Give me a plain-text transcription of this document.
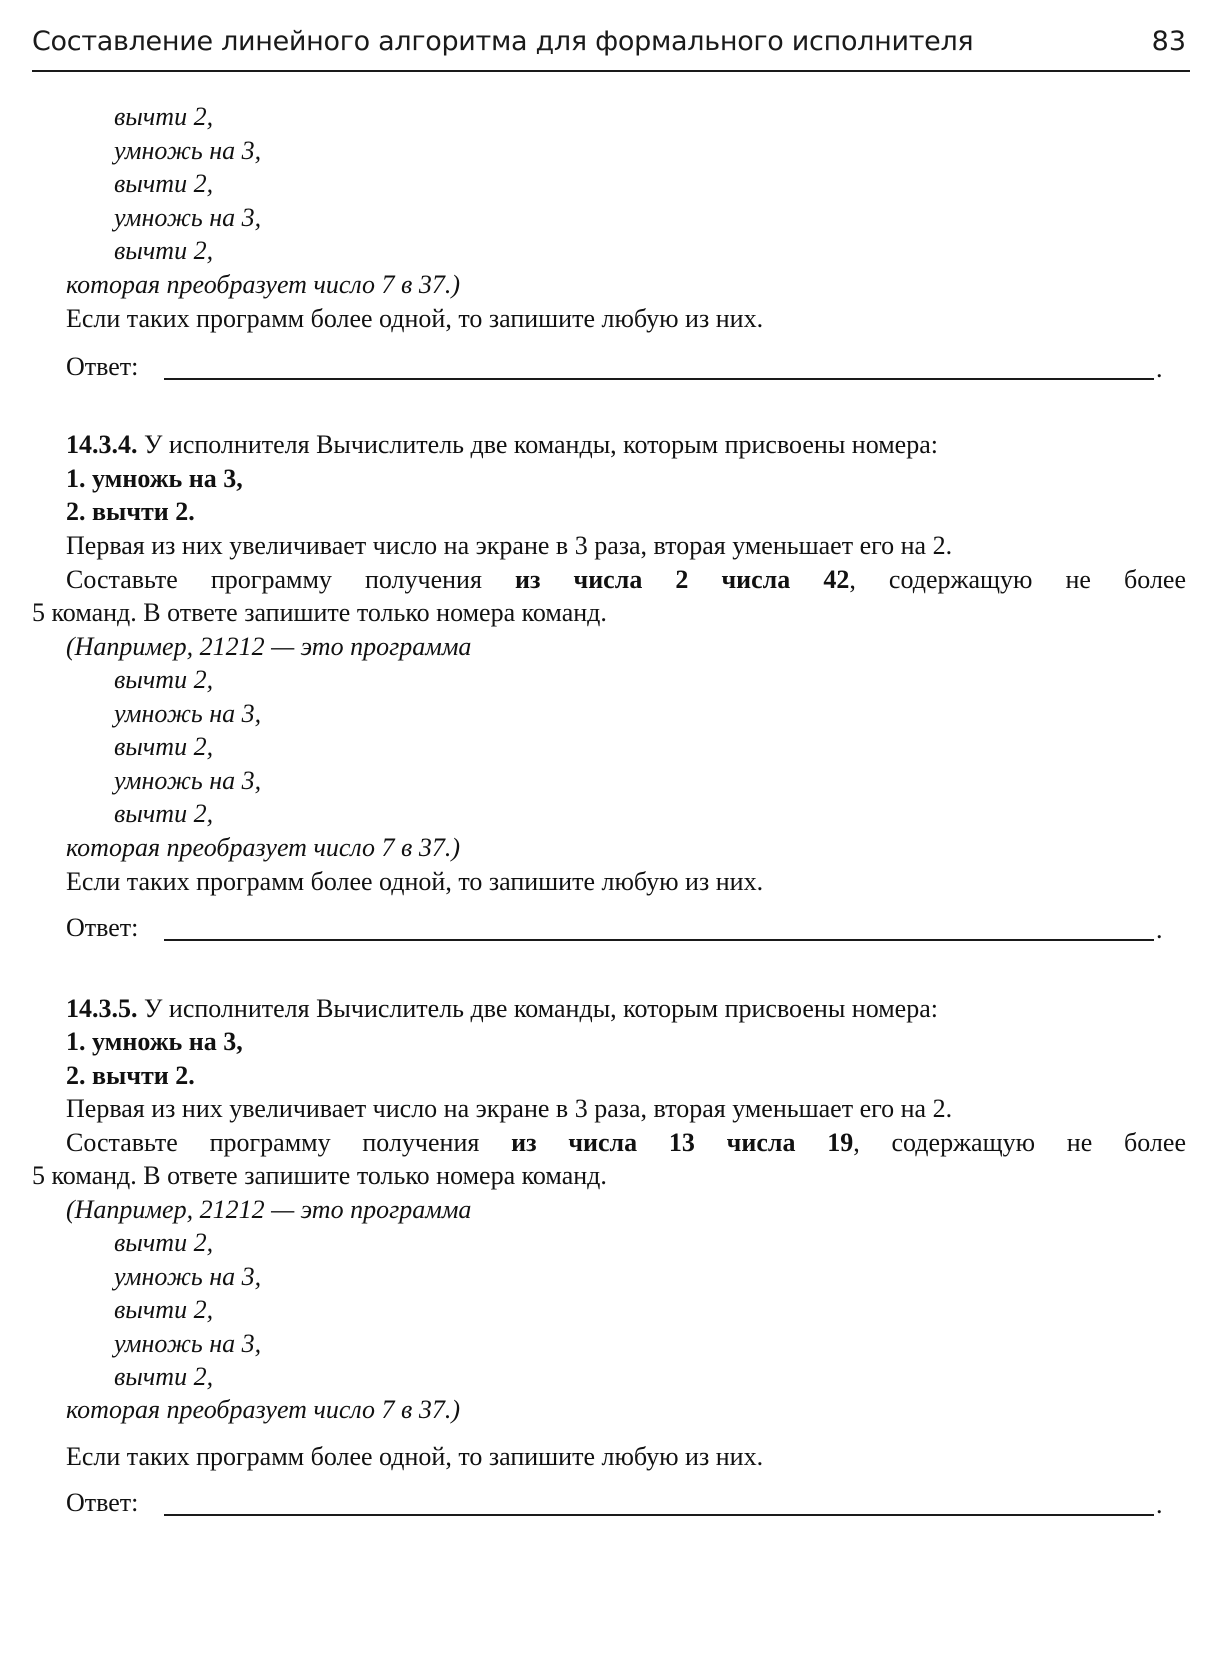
Составление линейного алгоритма для формального исполнителя	83
вычти 2,
умножь на 3,
вычти 2,
умножь на 3,
вычти 2,
которая преобразует число 7 в 37.)
Если таких программ более одной, то запишите любую из них.
Ответ:	.
14.3.4. У исполнителя Вычислитель две команды, которым присвоены номера:
1. умножь на 3,
2. вычти 2.
Первая из них увеличивает число на экране в 3 раза, вторая уменьшает его на 2.
Составьте программу получения из числа 2 числа 42, содержащую не более
5 команд. В ответе запишите только номера команд.
(Например, 21212 — это программа
вычти 2,
умножь на 3,
вычти 2,
умножь на 3,
вычти 2,
которая преобразует число 7 в 37.)
Если таких программ более одной, то запишите любую из них.
Ответ:	.
14.3.5. У исполнителя Вычислитель две команды, которым присвоены номера:
1. умножь на 3,
2. вычти 2.
Первая из них увеличивает число на экране в 3 раза, вторая уменьшает его на 2.
Составьте программу получения из числа 13 числа 19, содержащую не более
5 команд. В ответе запишите только номера команд.
(Например, 21212 — это программа
вычти 2,
умножь на 3,
вычти 2,
умножь на 3,
вычти 2,
которая преобразует число 7 в 37.)
Если таких программ более одной, то запишите любую из них.
Ответ:	.
